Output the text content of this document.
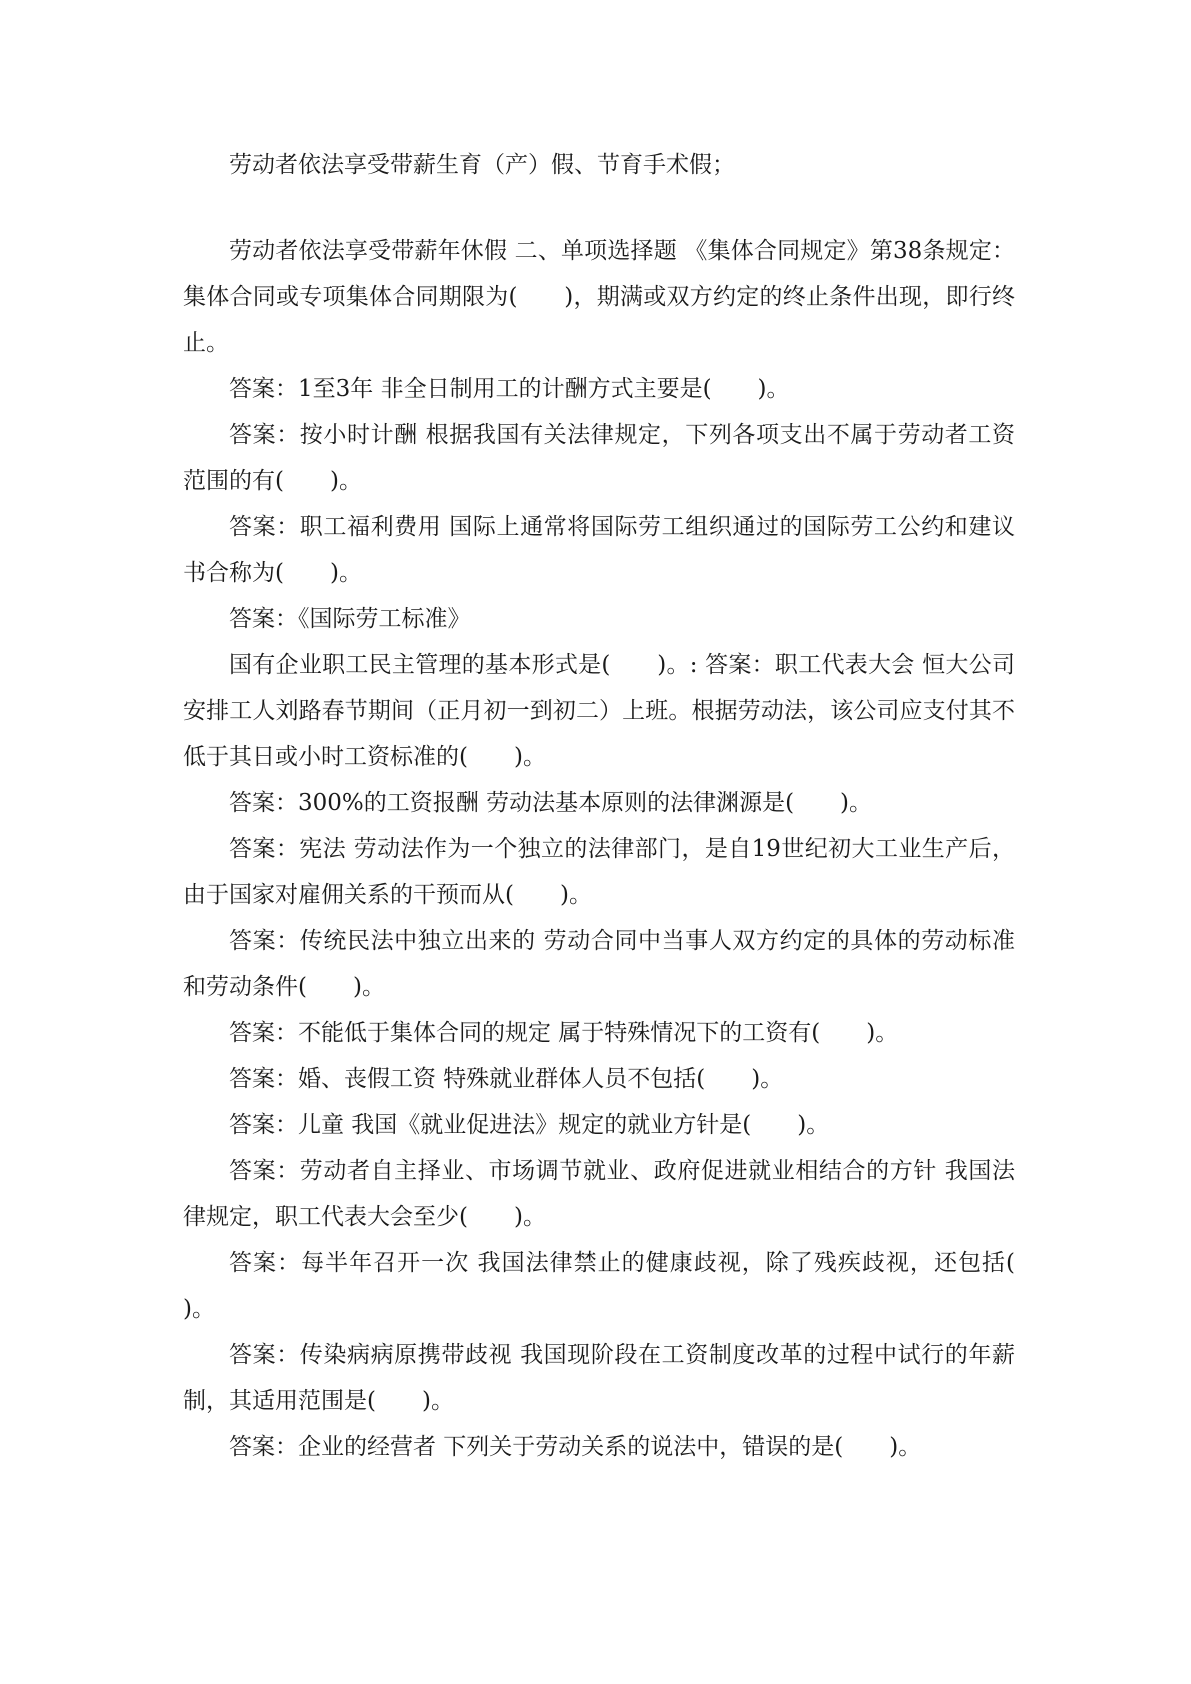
劳动者依法享受带薪生育（产）假、节育手术假；

劳动者依法享受带薪年休假 二、单项选择题 《集体合同规定》第38条规定：集体合同或专项集体合同期限为(　　)，期满或双方约定的终止条件出现，即行终止。

答案：1至3年 非全日制用工的计酬方式主要是(　　)。

答案：按小时计酬 根据我国有关法律规定，下列各项支出不属于劳动者工资范围的有(　　)。

答案：职工福利费用 国际上通常将国际劳工组织通过的国际劳工公约和建议书合称为(　　)。

答案：《国际劳工标准》

国有企业职工民主管理的基本形式是(　　)。: 答案：职工代表大会 恒大公司安排工人刘路春节期间（正月初一到初二）上班。根据劳动法，该公司应支付其不低于其日或小时工资标准的(　　)。

答案：300%的工资报酬 劳动法基本原则的法律渊源是(　　)。

答案：宪法 劳动法作为一个独立的法律部门，是自19世纪初大工业生产后，由于国家对雇佣关系的干预而从(　　)。

答案：传统民法中独立出来的 劳动合同中当事人双方约定的具体的劳动标准和劳动条件(　　)。

答案：不能低于集体合同的规定 属于特殊情况下的工资有(　　)。

答案：婚、丧假工资 特殊就业群体人员不包括(　　)。

答案：儿童 我国《就业促进法》规定的就业方针是(　　)。

答案：劳动者自主择业、市场调节就业、政府促进就业相结合的方针 我国法律规定，职工代表大会至少(　　)。

答案：每半年召开一次 我国法律禁止的健康歧视，除了残疾歧视，还包括(　　)。

答案：传染病病原携带歧视 我国现阶段在工资制度改革的过程中试行的年薪制，其适用范围是(　　)。

答案：企业的经营者 下列关于劳动关系的说法中，错误的是(　　)。
